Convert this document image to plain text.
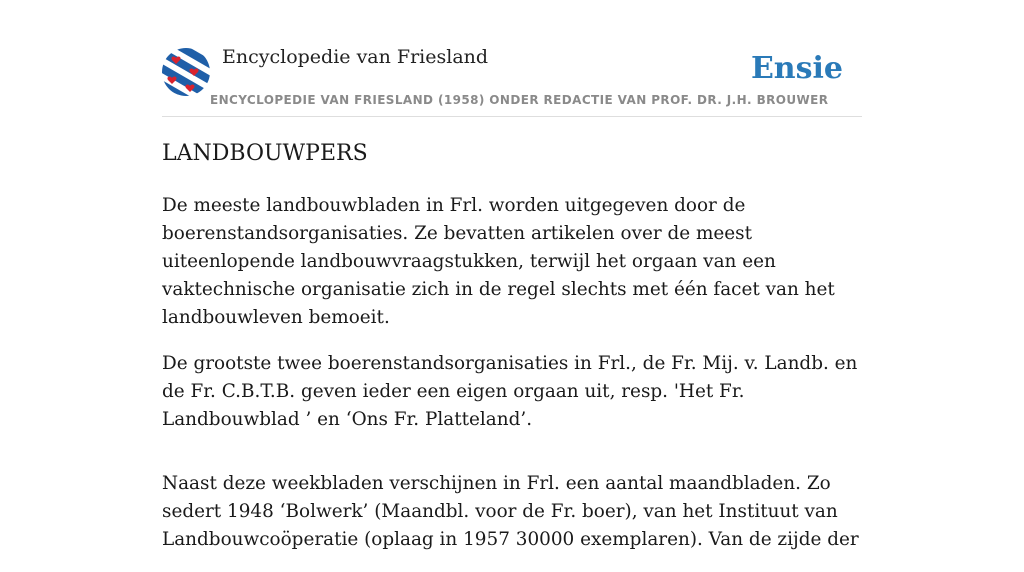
Encyclopedie van Friesland
ENCYCLOPEDIE VAN FRIESLAND (1958) ONDER REDACTIE VAN PROF. DR. J.H. BROUWER
Ensie
LANDBOUWPERS

De meeste landbouwbladen in Frl. worden uitgegeven door de boerenstandsorganisaties. Ze bevatten artikelen over de meest uiteenlopende landbouwvraagstukken, terwijl het orgaan van een vaktechnische organisatie zich in de regel slechts met één facet van het landbouwleven bemoeit.

De grootste twee boerenstandsorganisaties in Frl., de Fr. Mij. v. Landb. en de Fr. C.B.T.B. geven ieder een eigen orgaan uit, resp. 'Het Fr. Landbouwblad ’ en ‘Ons Fr. Platteland’.

Naast deze weekbladen verschijnen in Frl. een aantal maandbladen. Zo sedert 1948 ‘Bolwerk’ (Maandbl. voor de Fr. boer), van het Instituut van Landbouwcoöperatie (oplaag in 1957 30000 exemplaren). Van de zijde der
